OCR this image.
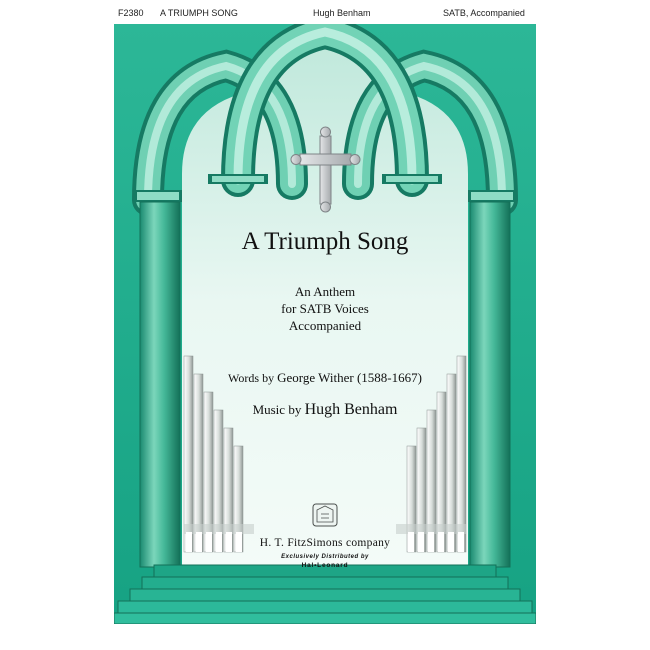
F2380 A TRIUMPH SONG	Hugh Benham	SATB, Accompanied
A Triumph Song
An Anthem
for SATB Voices
Accompanied
Words by George Wither (1588-1667)
Music by Hugh Benham
H. T. FitzSimons company
Exclusively Distributed by
Hal•Leonard
